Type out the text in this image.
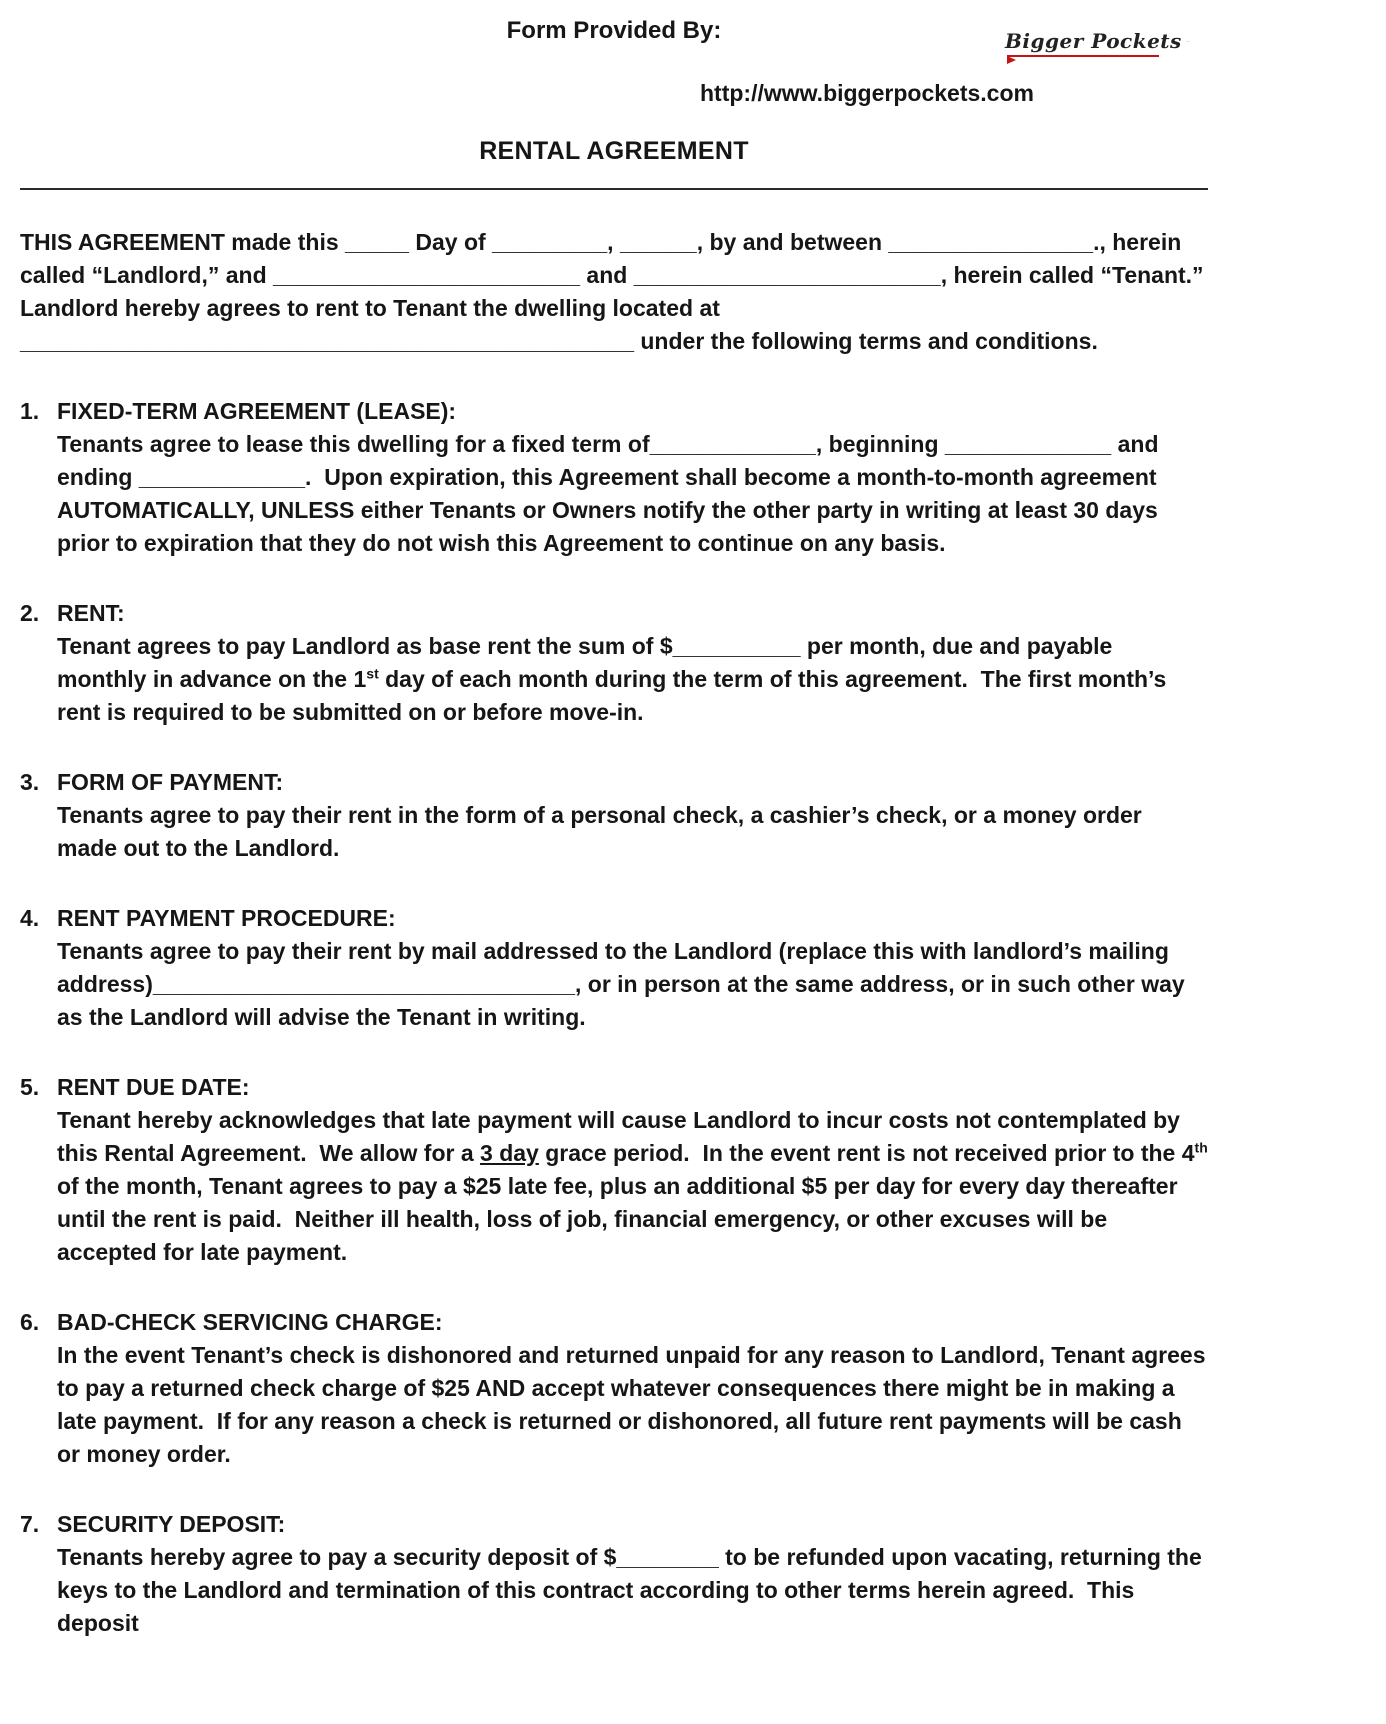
Form Provided By:	Bigger Pockets
http://www.biggerpockets.com
RENTAL AGREEMENT

THIS AGREEMENT made this _____ Day of _________, ______, by and between ________________., herein called “Landlord,” and ________________________ and ________________________, herein called “Tenant.”  Landlord hereby agrees to rent to Tenant the dwelling located at ________________________________________________ under the following terms and conditions.

1. FIXED-TERM AGREEMENT (LEASE):

Tenants agree to lease this dwelling for a fixed term of_____________, beginning _____________ and ending _____________.  Upon expiration, this Agreement shall become a month-to-month agreement AUTOMATICALLY, UNLESS either Tenants or Owners notify the other party in writing at least 30 days prior to expiration that they do not wish this Agreement to continue on any basis.

2. RENT:

Tenant agrees to pay Landlord as base rent the sum of $__________ per month, due and payable monthly in advance on the 1st day of each month during the term of this agreement.  The first month’s rent is required to be submitted on or before move-in.

3. FORM OF PAYMENT:

Tenants agree to pay their rent in the form of a personal check, a cashier’s check, or a money order made out to the Landlord.

4. RENT PAYMENT PROCEDURE:

Tenants agree to pay their rent by mail addressed to the Landlord (replace this with landlord’s mailing address)_________________________________, or in person at the same address, or in such other way as the Landlord will advise the Tenant in writing.

5. RENT DUE DATE:

Tenant hereby acknowledges that late payment will cause Landlord to incur costs not contemplated by this Rental Agreement.  We allow for a 3 day grace period.  In the event rent is not received prior to the 4th of the month, Tenant agrees to pay a $25 late fee, plus an additional $5 per day for every day thereafter until the rent is paid.  Neither ill health, loss of job, financial emergency, or other excuses will be accepted for late payment.

6. BAD-CHECK SERVICING CHARGE:

In the event Tenant’s check is dishonored and returned unpaid for any reason to Landlord, Tenant agrees to pay a returned check charge of $25 AND accept whatever consequences there might be in making a late payment.  If for any reason a check is returned or dishonored, all future rent payments will be cash or money order.

7. SECURITY DEPOSIT:

Tenants hereby agree to pay a security deposit of $________ to be refunded upon vacating, returning the keys to the Landlord and termination of this contract according to other terms herein agreed.  This deposit
